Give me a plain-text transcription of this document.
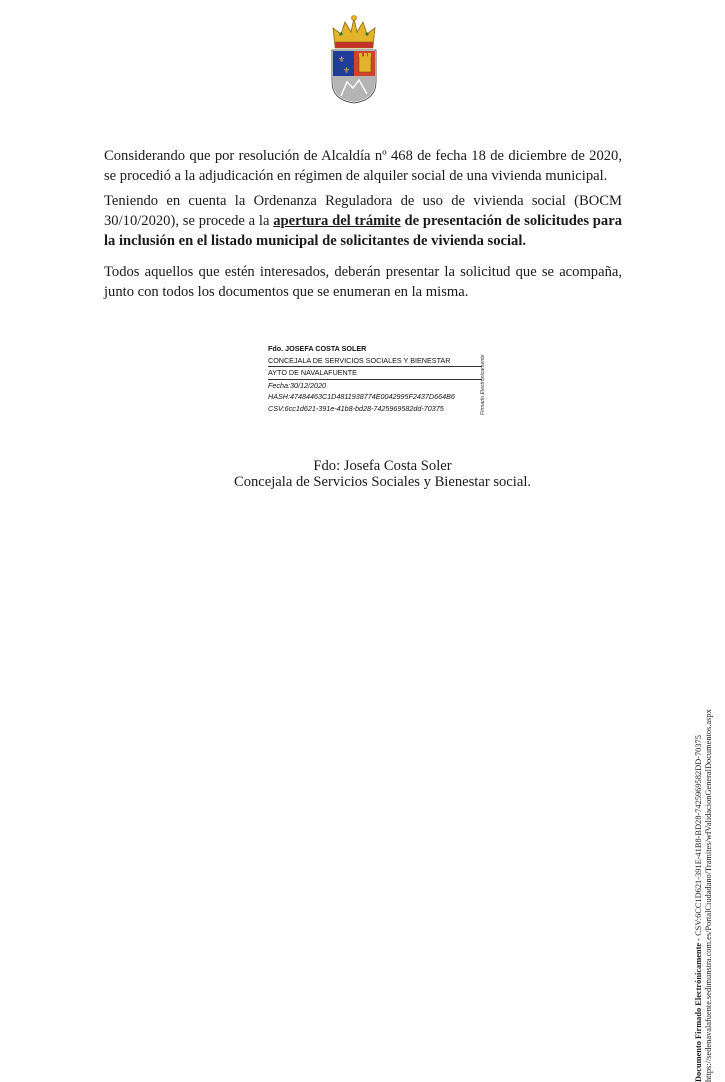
⚜
⚜

Considerando que por resolución de Alcaldía nº 468 de fecha 18 de diciembre de 2020, se procedió a la adjudicación en régimen de alquiler social de una vivienda municipal.

Teniendo en cuenta la Ordenanza Reguladora de uso de vivienda social (BOCM 30/10/2020), se procede a la apertura del trámite de presentación de solicitudes para la inclusión en el listado municipal de solicitantes de vivienda social.

Todos aquellos que estén interesados, deberán presentar la solicitud que se acompaña, junto con todos los documentos que se enumeran en la misma.

Fdo. JOSEFA COSTA SOLER
CONCEJALA DE SERVICIOS SOCIALES Y BIENESTAR
AYTO DE NAVALAFUENTE
Fecha:30/12/2020
HASH:47484463C1D4811938774E0042995F2437D664B6
CSV:6cc1d621-391e-41b8-bd28-7425969582dd-70375	Firmado Electrónicamente
Fdo: Josefa Costa Soler
Concejala de Servicios Sociales y Bienestar social.
Documento Firmado Electrónicamente - CSV:6CC1D621-391E-41B8-BD28-7425969582DD-70375 https://sedenavalafuente.sedimunstra.com.es/PortalCiudadano/Tramites/wfValidacionGeneralDocumentos.aspx
